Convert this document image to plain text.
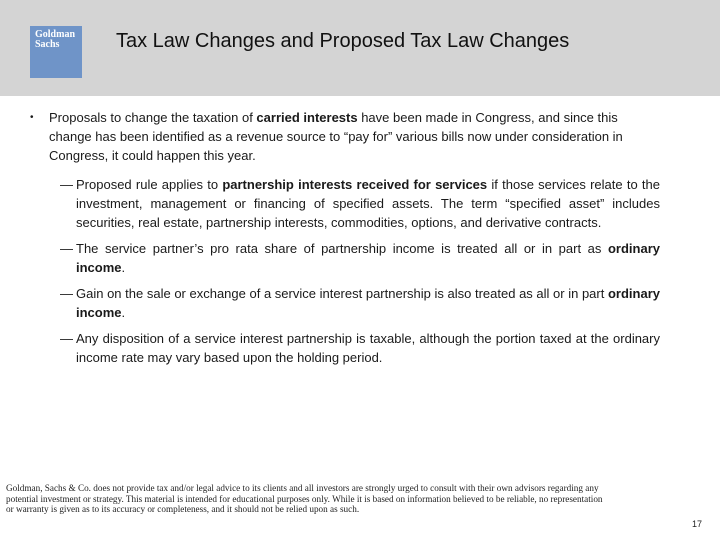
Goldman
Sachs	Tax Law Changes and Proposed Tax Law Changes

• Proposals to change the taxation of carried interests have been made in Congress, and since this change has been identified as a revenue source to “pay for” various bills now under consideration in Congress, it could happen this year.

— Proposed rule applies to partnership interests received for services if those services relate to the investment, management or financing of specified assets. The term “specified asset” includes securities, real estate, partnership interests, commodities, options, and derivative contracts.

— The service partner’s pro rata share of partnership income is treated all or in part as ordinary income.

— Gain on the sale or exchange of a service interest partnership is also treated as all or in part ordinary income.

— Any disposition of a service interest partnership is taxable, although the portion taxed at the ordinary income rate may vary based upon the holding period.

Goldman, Sachs & Co. does not provide tax and/or legal advice to its clients and all investors are strongly urged to consult with their own advisors regarding any
potential investment or strategy. This material is intended for educational purposes only. While it is based on information believed to be reliable, no representation
or warranty is given as to its accuracy or completeness, and it should not be relied upon as such.
17
